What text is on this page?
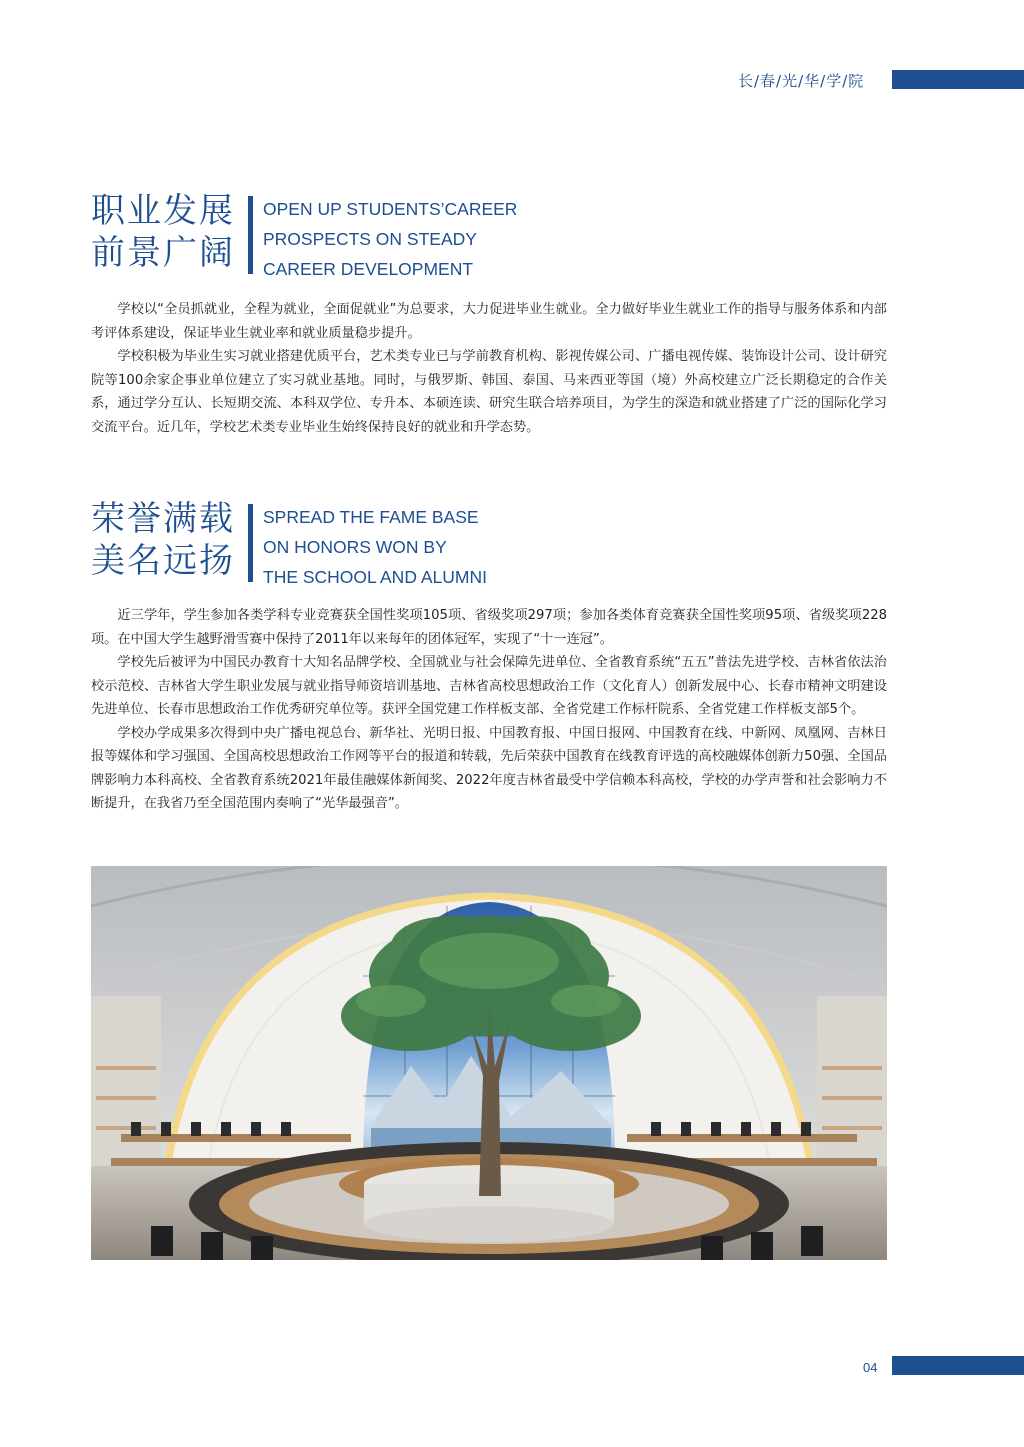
长/春/光/华/学/院
职业发展
前景广阔
OPEN UP STUDENTS’CAREER
PROSPECTS ON STEADY
CAREER DEVELOPMENT

学校以“全员抓就业，全程为就业，全面促就业”为总要求，大力促进毕业生就业。全力做好毕业生就业工作的指导与服务体系和内部考评体系建设，保证毕业生就业率和就业质量稳步提升。

学校积极为毕业生实习就业搭建优质平台，艺术类专业已与学前教育机构、影视传媒公司、广播电视传媒、装饰设计公司、设计研究院等100余家企事业单位建立了实习就业基地。同时，与俄罗斯、韩国、泰国、马来西亚等国（境）外高校建立广泛长期稳定的合作关系，通过学分互认、长短期交流、本科双学位、专升本、本硕连读、研究生联合培养项目，为学生的深造和就业搭建了广泛的国际化学习交流平台。近几年，学校艺术类专业毕业生始终保持良好的就业和升学态势。

荣誉满载
美名远扬
SPREAD THE FAME BASE
ON HONORS WON BY
THE SCHOOL AND ALUMNI

近三学年，学生参加各类学科专业竞赛获全国性奖项105项、省级奖项297项；参加各类体育竞赛获全国性奖项95项、省级奖项228项。在中国大学生越野滑雪赛中保持了2011年以来每年的团体冠军，实现了“十一连冠”。

学校先后被评为中国民办教育十大知名品牌学校、全国就业与社会保障先进单位、全省教育系统“五五”普法先进学校、吉林省依法治校示范校、吉林省大学生职业发展与就业指导师资培训基地、吉林省高校思想政治工作（文化育人）创新发展中心、长春市精神文明建设先进单位、长春市思想政治工作优秀研究单位等。获评全国党建工作样板支部、全省党建工作标杆院系、全省党建工作样板支部5个。

学校办学成果多次得到中央广播电视总台、新华社、光明日报、中国教育报、中国日报网、中国教育在线、中新网、凤凰网、吉林日报等媒体和学习强国、全国高校思想政治工作网等平台的报道和转载，先后荣获中国教育在线教育评选的高校融媒体创新力50强、全国品牌影响力本科高校、全省教育系统2021年最佳融媒体新闻奖、2022年度吉林省最受中学信赖本科高校，学校的办学声誉和社会影响力不断提升，在我省乃至全国范围内奏响了“光华最强音”。

04
